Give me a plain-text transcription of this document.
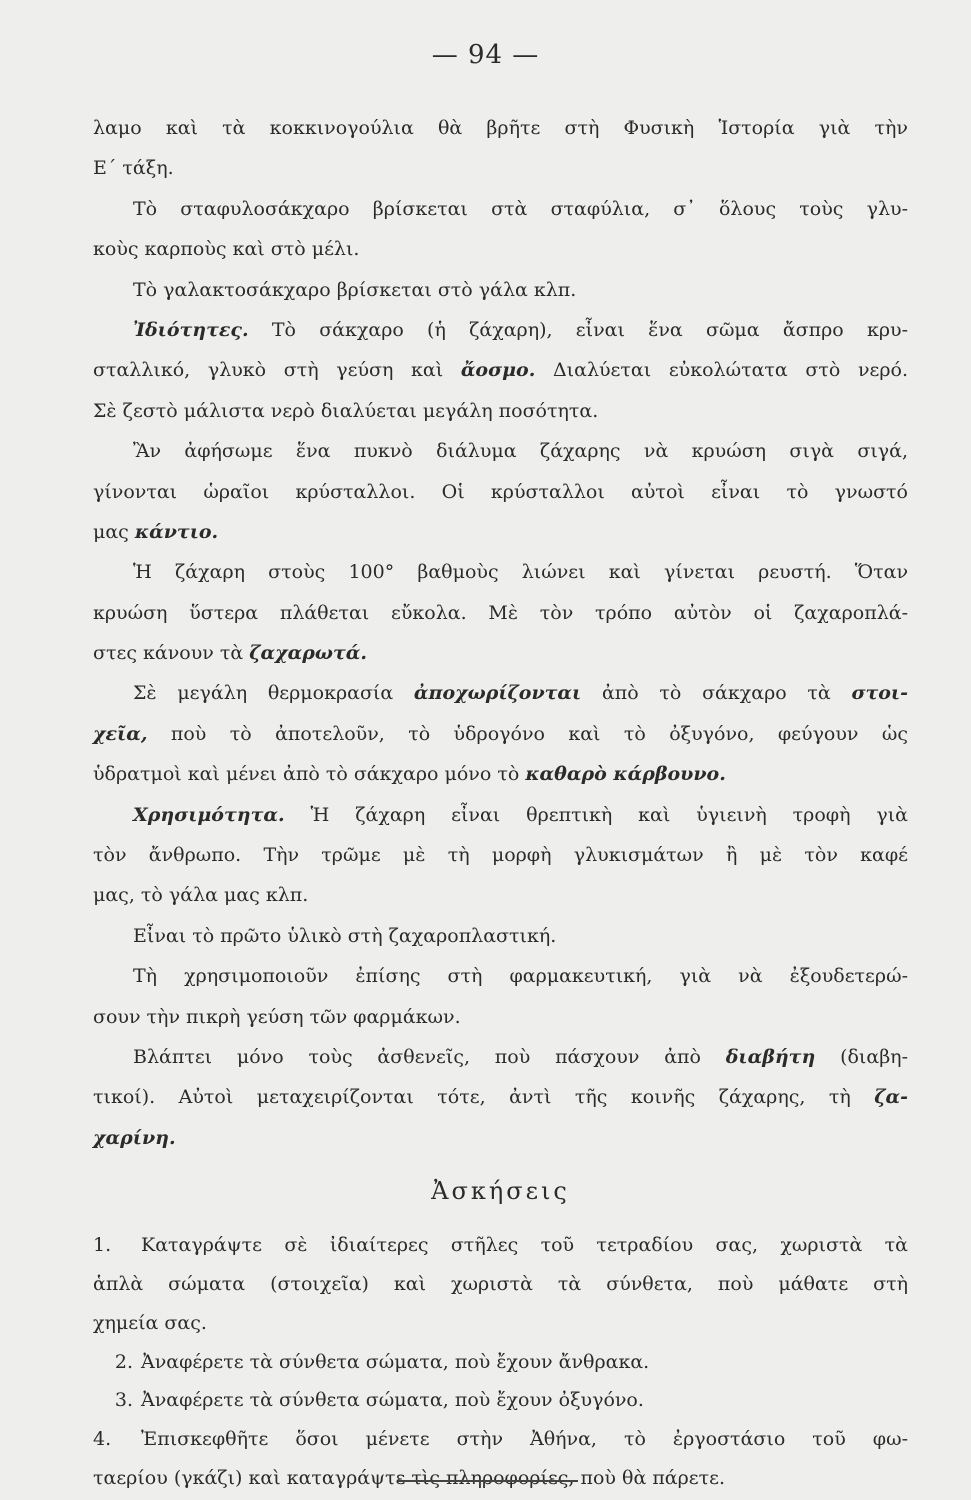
— 94 —
λαμο καὶ τὰ κοκκινογούλια θὰ βρῆτε στὴ Φυσικὴ Ἱστορία γιὰ τὴν
Ε΄ τάξη.
Τὸ σταφυλοσάκχαρο βρίσκεται στὰ σταφύλια, σ᾿ ὅλους τοὺς γλυ-
κοὺς καρποὺς καὶ στὸ μέλι.
Τὸ γαλακτοσάκχαρο βρίσκεται στὸ γάλα κλπ.
Ἰδιότητες. Τὸ σάκχαρο (ἡ ζάχαρη), εἶναι ἕνα σῶμα ἄσπρο κρυ-
σταλλικό, γλυκὸ στὴ γεύση καὶ ἄοσμο. Διαλύεται εὐκολώτατα στὸ νερό.
Σὲ ζεστὸ μάλιστα νερὸ διαλύεται μεγάλη ποσότητα.
Ἂν ἀφήσωμε ἕνα πυκνὸ διάλυμα ζάχαρης νὰ κρυώση σιγὰ σιγά,
γίνονται ὡραῖοι κρύσταλλοι. Οἱ κρύσταλλοι αὐτοὶ εἶναι τὸ γνωστό
μας κάντιο.
Ἡ ζάχαρη στοὺς 100° βαθμοὺς λιώνει καὶ γίνεται ρευστή. Ὅταν
κρυώση ὕστερα πλάθεται εὔκολα. Μὲ τὸν τρόπο αὐτὸν οἱ ζαχαροπλά-
στες κάνουν τὰ ζαχαρωτά.
Σὲ μεγάλη θερμοκρασία ἀποχωρίζονται ἀπὸ τὸ σάκχαρο τὰ στοι-
χεῖα, ποὺ τὸ ἀποτελοῦν, τὸ ὑδρογόνο καὶ τὸ ὀξυγόνο, φεύγουν ὡς
ὑδρατμοὶ καὶ μένει ἀπὸ τὸ σάκχαρο μόνο τὸ καθαρὸ κάρβουνο.
Χρησιμότητα. Ἡ ζάχαρη εἶναι θρεπτικὴ καὶ ὑγιεινὴ τροφὴ γιὰ
τὸν ἄνθρωπο. Τὴν τρῶμε μὲ τὴ μορφὴ γλυκισμάτων ἢ μὲ τὸν καφέ
μας, τὸ γάλα μας κλπ.
Εἶναι τὸ πρῶτο ὑλικὸ στὴ ζαχαροπλαστική.
Τὴ χρησιμοποιοῦν ἐπίσης στὴ φαρμακευτική, γιὰ νὰ ἐξουδετερώ-
σουν τὴν πικρὴ γεύση τῶν φαρμάκων.
Βλάπτει μόνο τοὺς ἀσθενεῖς, ποὺ πάσχουν ἀπὸ διαβήτη (διαβη-
τικοί). Αὐτοὶ μεταχειρίζονται τότε, ἀντὶ τῆς κοινῆς ζάχαρης, τὴ ζα-
χαρίνη.
Ἀσκήσεις
1. Καταγράψτε σὲ ἰδιαίτερες στῆλες τοῦ τετραδίου σας, χωριστὰ τὰ
ἁπλὰ σώματα (στοιχεῖα) καὶ χωριστὰ τὰ σύνθετα, ποὺ μάθατε στὴ
χημεία σας.
2. Ἀναφέρετε τὰ σύνθετα σώματα, ποὺ ἔχουν ἄνθρακα.
3. Ἀναφέρετε τὰ σύνθετα σώματα, ποὺ ἔχουν ὀξυγόνο.
4. Ἐπισκεφθῆτε ὅσοι μένετε στὴν Ἀθήνα, τὸ ἐργοστάσιο τοῦ φω-
ταερίου (γκάζι) καὶ καταγράψτε τὶς πληροφορίες, ποὺ θὰ πάρετε.
